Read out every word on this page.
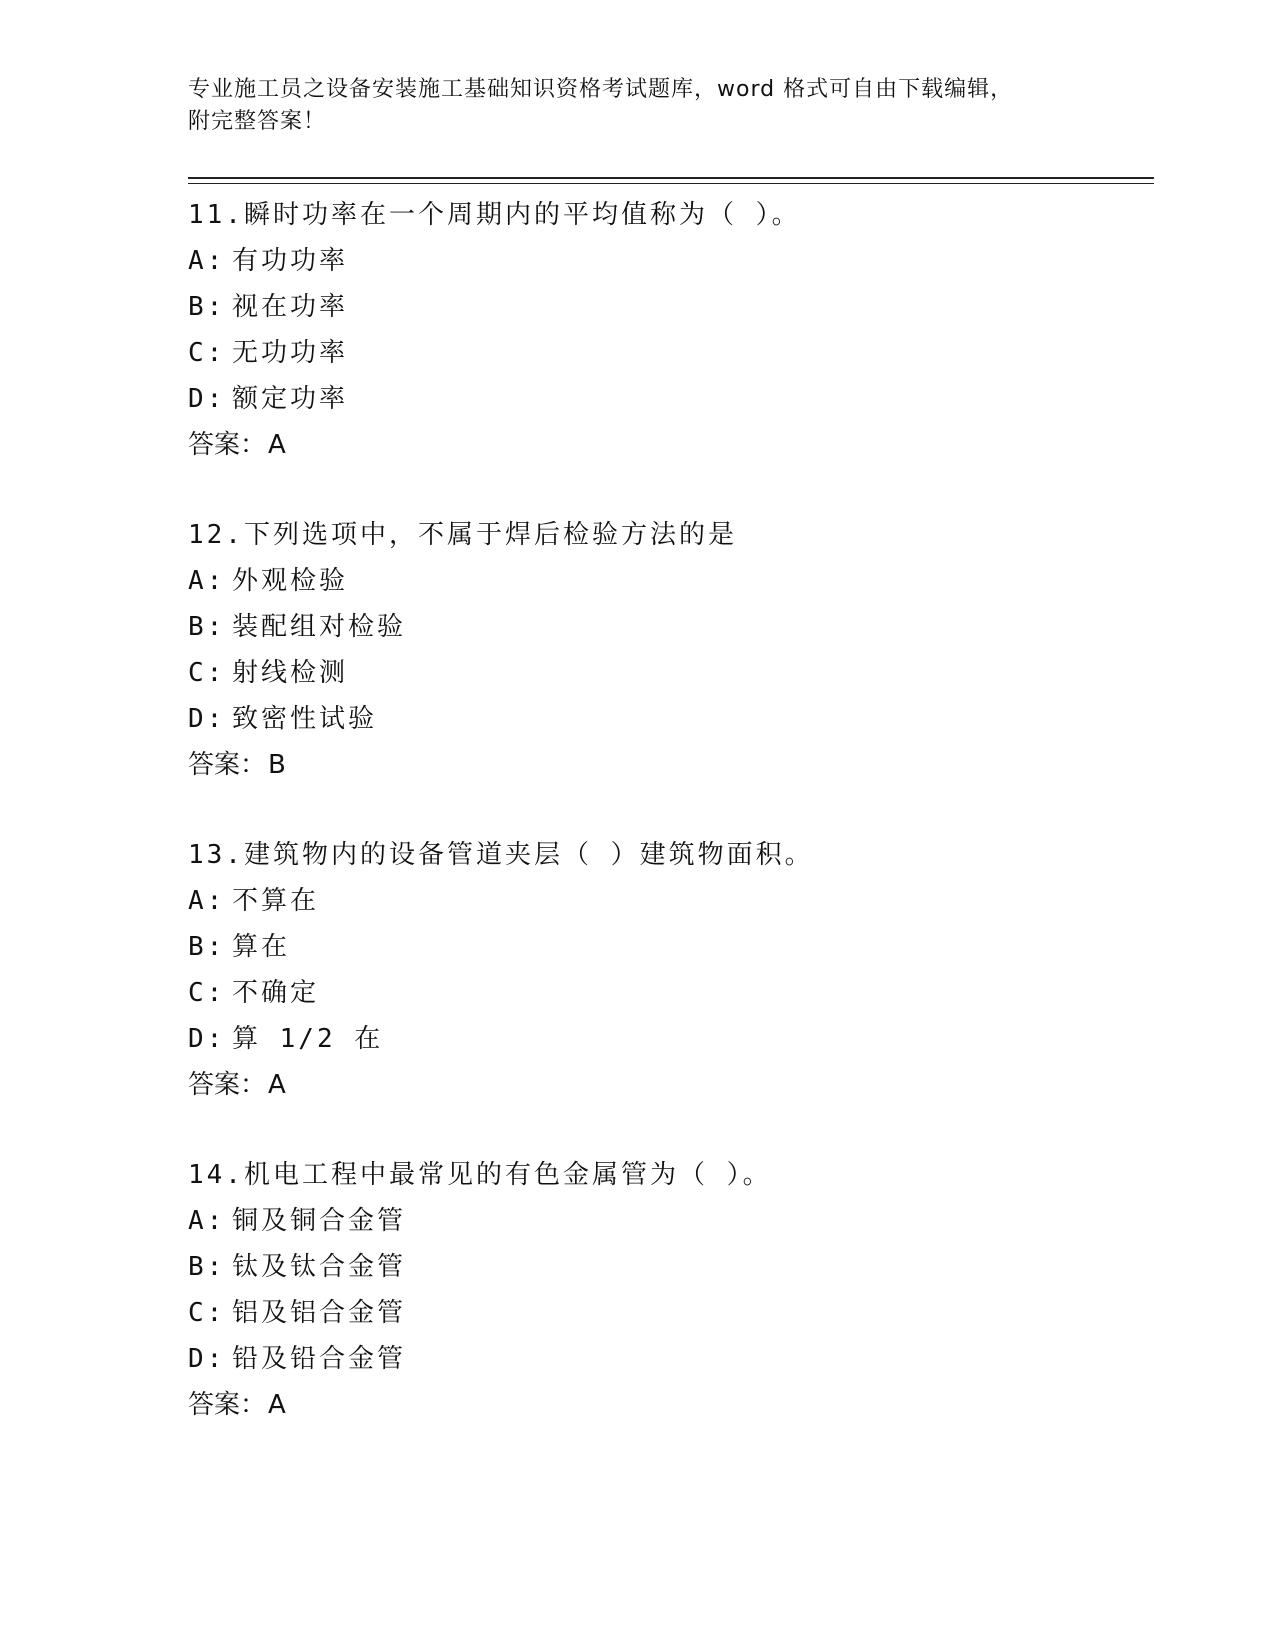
专业施工员之设备安装施工基础知识资格考试题库，word 格式可自由下载编辑，
附完整答案！
11.瞬时功率在一个周期内的平均值称为（ ）。
A: 有功功率
B: 视在功率
C: 无功功率
D: 额定功率
答案：A
12.下列选项中，不属于焊后检验方法的是
A: 外观检验
B: 装配组对检验
C: 射线检测
D: 致密性试验
答案：B
13.建筑物内的设备管道夹层（ ）建筑物面积。
A: 不算在
B: 算在
C: 不确定
D: 算 1/2 在
答案：A
14.机电工程中最常见的有色金属管为（ ）。
A: 铜及铜合金管
B: 钛及钛合金管
C: 铝及铝合金管
D: 铅及铅合金管
答案：A
